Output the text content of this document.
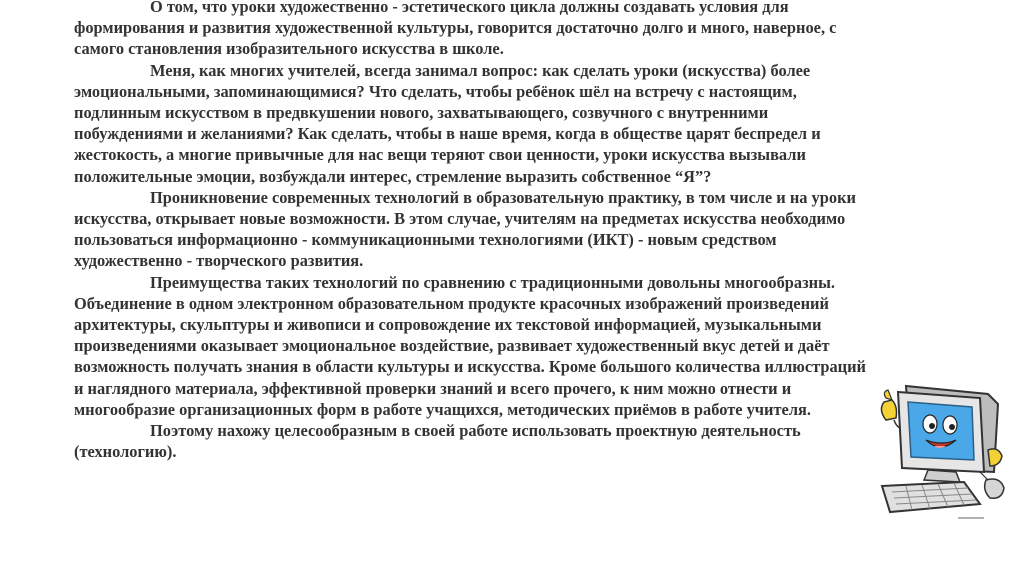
О том, что уроки художественно - эстетического цикла должны создавать условия для формирования и развития художественной культуры, говорится достаточно долго и много, наверное, с самого становления изобразительного искусства в школе.

Меня, как многих учителей, всегда занимал вопрос: как сделать уроки (искусства) более эмоциональными, запоминающимися? Что сделать, чтобы ребёнок шёл на встречу с настоящим, подлинным искусством в предвкушении нового, захватывающего, созвучного с внутренними побуждениями и желаниями? Как сделать, чтобы в наше время, когда в обществе царят беспредел и жестокость, а многие привычные для нас вещи теряют свои ценности, уроки искусства вызывали положительные эмоции, возбуждали интерес, стремление выразить собственное “Я”?

Проникновение современных технологий в образовательную практику, в том числе и на уроки искусства, открывает новые возможности. В этом случае, учителям на предметах искусства необходимо пользоваться информационно - коммуникационными технологиями (ИКТ) - новым средством художественно - творческого развития.

Преимущества таких технологий по сравнению с традиционными довольны многообразны. Объединение в одном электронном образовательном продукте красочных изображений произведений архитектуры, скульптуры и живописи и сопровождение их текстовой информацией, музыкальными произведениями оказывает эмоциональное воздействие, развивает художественный вкус детей и даёт возможность получать знания в области культуры и искусства. Кроме большого количества иллюстраций и наглядного материала, эффективной проверки знаний и всего прочего, к ним можно отнести и многообразие организационных форм в работе учащихся, методических приёмов в работе учителя.

Поэтому нахожу целесообразным в своей работе использовать проектную деятельность (технологию).
